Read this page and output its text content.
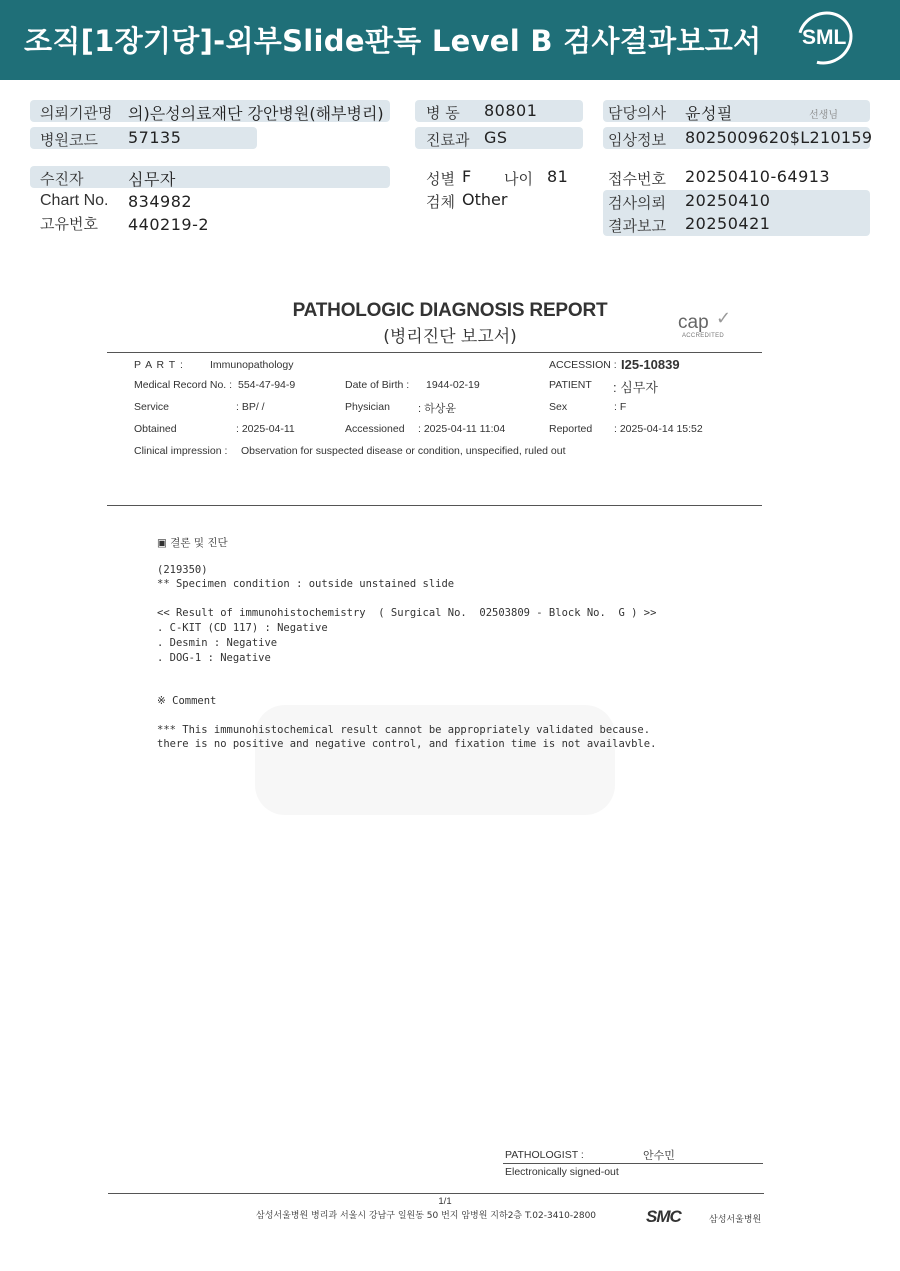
조직[1장기당]-외부Slide판독 Level B 검사결과보고서 SML
의뢰기관명 의)은성의료재단 강안병원(해부병리)
병원코드 57135
수진자	심무자
Chart No. 834982
고유번호 440219-2
병 동 80801
진료과 GS
성별 F 나이 81
검체 Other
담당의사 윤성필	선생님
임상정보 8025009620$L210159
접수번호 20250410-64913
검사의뢰 20250410
결과보고 20250421
PATHOLOGIC DIAGNOSIS REPORT
(병리진단 보고서)
cap ✓
ACCREDITED
P A R T : Immunopathology	ACCESSION : I25-10839
Medical Record No. : 554-47-94-9	Date of Birth : 1944-02-19	PATIENT : 심무자
Service	: BP/ /	Physician	: 하상윤	Sex	: F
Obtained	: 2025-04-11	Accessioned : 2025-04-11 11:04	Reported : 2025-04-14 15:52
Clinical impression : Observation for suspected disease or condition, unspecified, ruled out
▣ 결론 및 진단
(219350)
** Specimen condition : outside unstained slide
<< Result of immunohistochemistry  ( Surgical No.  02503809 - Block No.  G ) >>
. C-KIT (CD 117) : Negative
. Desmin : Negative
. DOG-1 : Negative
※ Comment
*** This immunohistochemical result cannot be appropriately validated because.
there is no positive and negative control, and fixation time is not availavble.
PATHOLOGIST :	안수민
Electronically signed-out
1/1
삼성서울병원 병리과 서울시 강남구 일원동 50 번지 암병원 지하2층 T.02-3410-2800	SMC	삼성서울병원
